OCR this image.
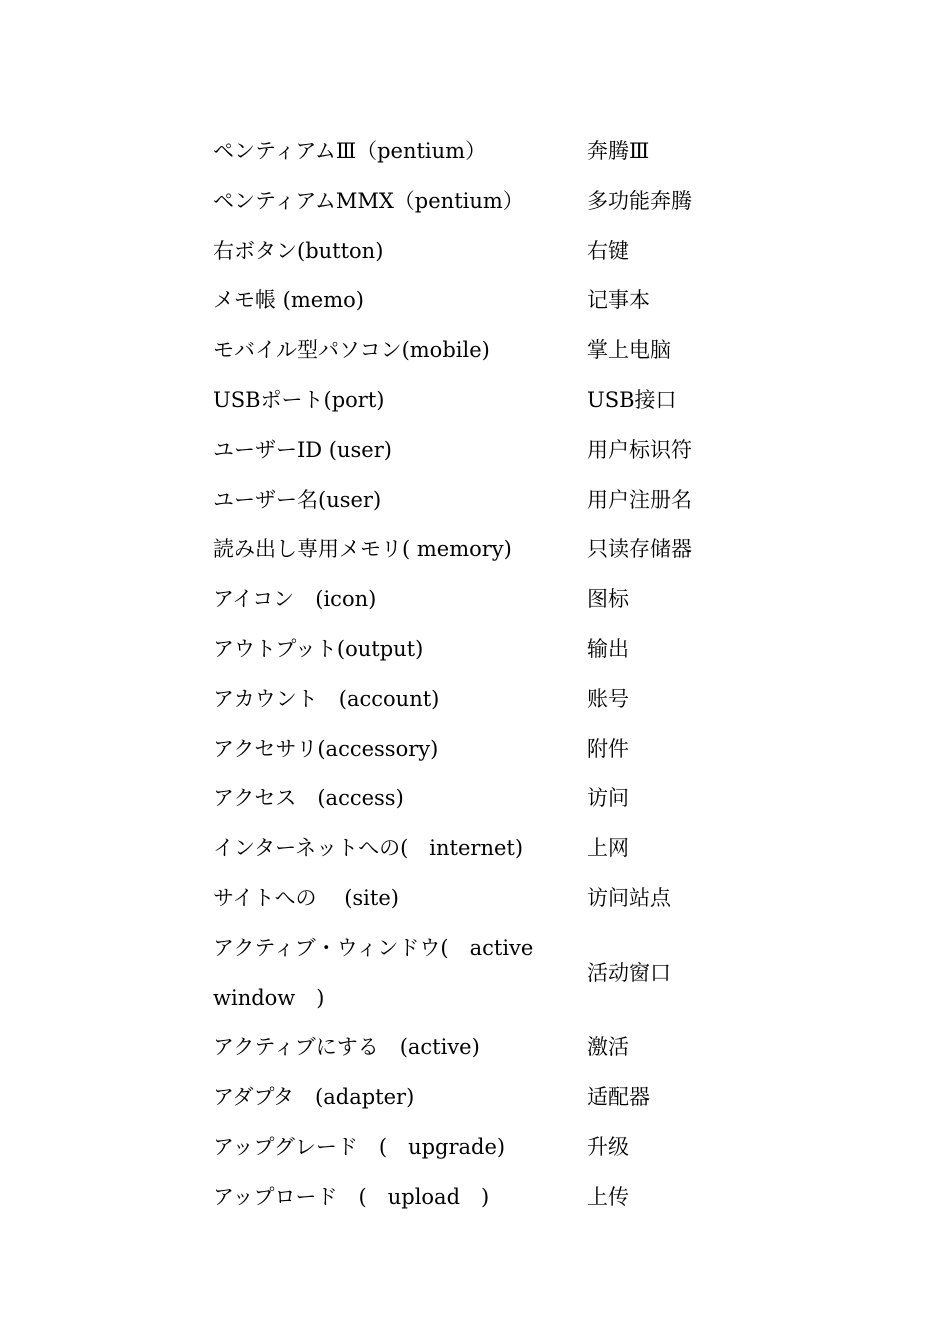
ペンティアムⅢ（pentium）	奔腾Ⅲ
ペンティアムMMX（pentium）	多功能奔腾
右ボタン(button)	右键
メモ帳 (memo)	记事本
モバイル型パソコン(mobile)	掌上电脑
USBポート(port)	USB接口
ユーザーID (user)	用户标识符
ユーザー名(user)	用户注册名
読み出し専用メモリ( memory)	只读存储器
アイコン　(icon)	图标
アウトプット(output)	输出
アカウント　(account)	账号
アクセサリ(accessory)	附件
アクセス　(access)	访问
インターネットへの(　internet)	上网
サイトへの　 (site)	访问站点
アクティブ・ウィンドウ(　active window　)	活动窗口
アクティブにする　(active)	激活
アダプタ　(adapter)	适配器
アップグレード　(　upgrade)	升级
アップロード　(　upload　)	上传
